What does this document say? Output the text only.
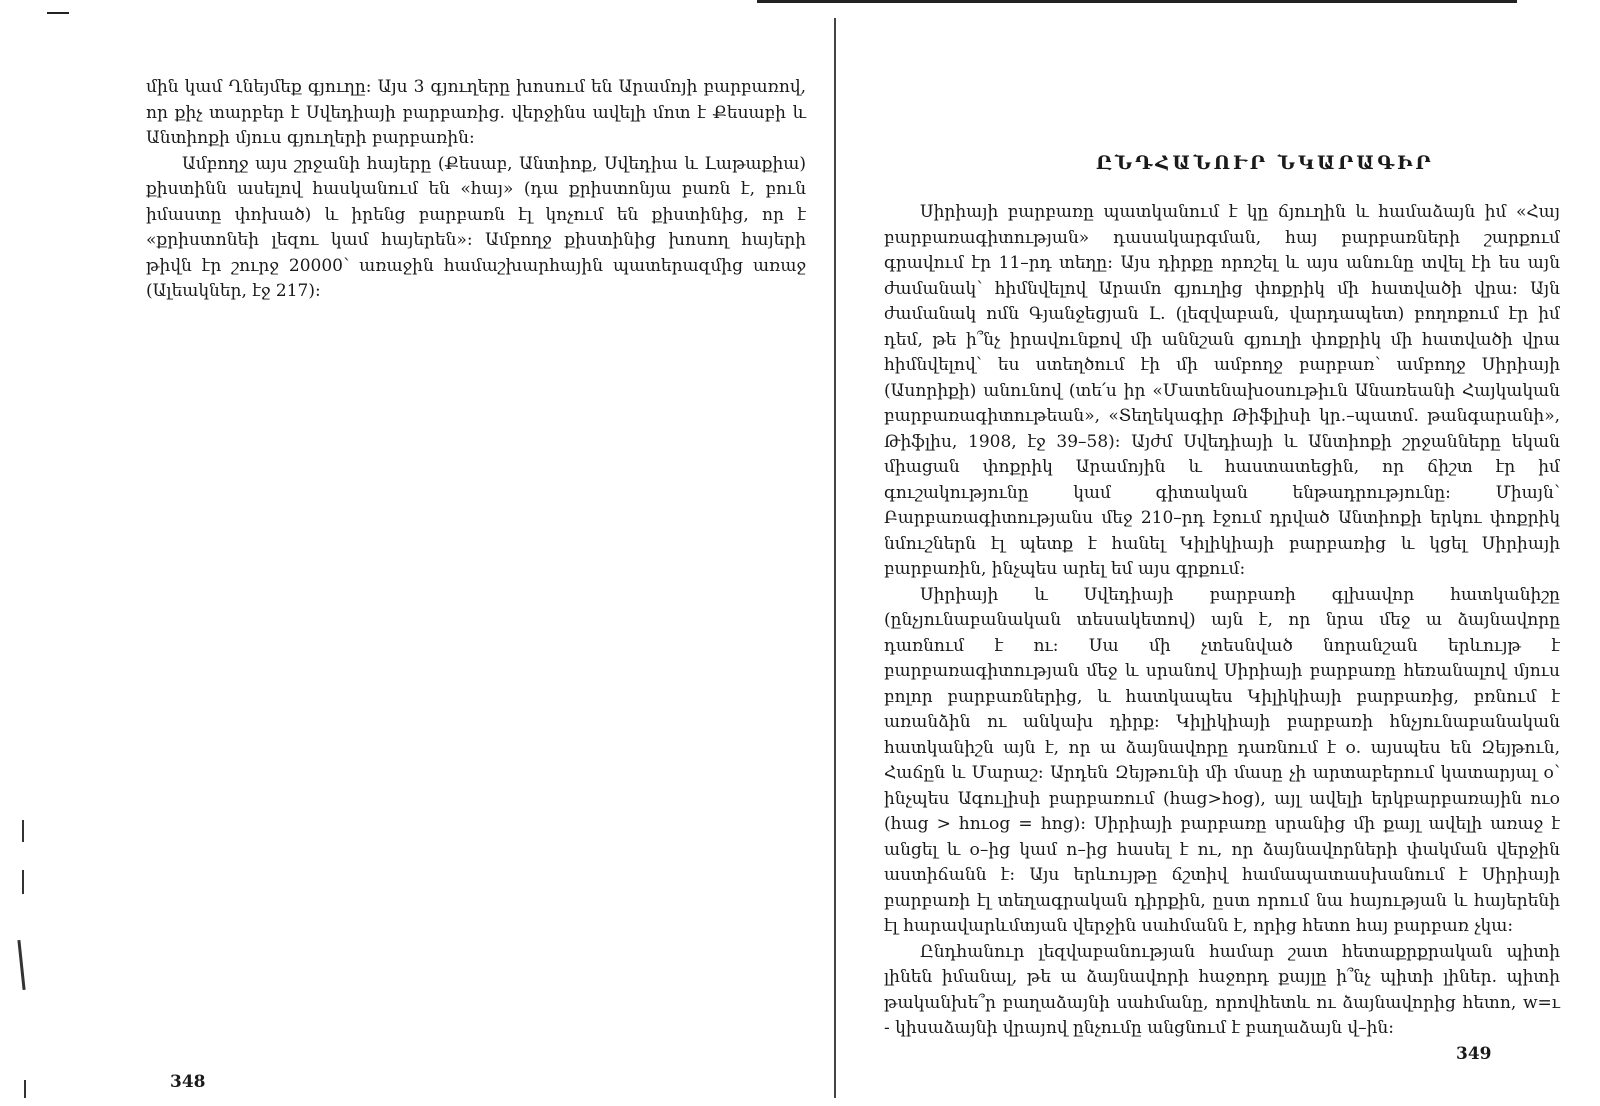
մին կամ Ղնեյմեք գյուղը: Այս 3 գյուղերը խոսում են Արամոյի բարբառով, որ քիչ տարբեր է Սվեդիայի բարբառից. վերջինս ավելի մոտ է Քեսաբի և Անտիոքի մյուս գյուղերի բարբառին:

Ամբողջ այս շրջանի հայերը (Քեսաբ, Անտիոք, Սվեդիա և Լաթաքիա) քիստինն ասելով հասկանում են «հայ» (դա քրիստոնյա բառն է, բուն իմաստը փոխած) և իրենց բարբառն էլ կոչում են քիստինից, որ է «քրիստոնեի լեզու կամ հայերեն»: Ամբողջ քիստինից խոսող հայերի թիվն էր շուրջ 20000՝ առաջին համաշխարհային պատերազմից առաջ (Ալեակներ, էջ 217):

348
ԸՆԴՀԱՆՈՒՐ ՆԿԱՐԱԳԻՐ

Սիրիայի բարբառը պատկանում է կը ճյուղին և համաձայն իմ «Հայ բարբառագիտության» դասակարգման, հայ բարբառների շարքում գրավում էր 11–րդ տեղը: Այս դիրքը որոշել և այս անունը տվել էի ես այն ժամանակ՝ հիմնվելով Արամո գյուղից փոքրիկ մի հատվածի վրա: Այն ժամանակ ոմն Գյանջեցյան Լ. (լեզվաբան, վարդապետ) բողոքում էր իմ դեմ, թե ի՞նչ իրավունքով մի աննշան գյուղի փոքրիկ մի հատվածի վրա հիմնվելով՝ ես ստեղծում էի մի ամբողջ բարբառ՝ ամբողջ Սիրիայի (Ասորիքի) անունով (տե՛ս իր «Մատենախօսութիւն Անառեանի Հայկական բարբառագիտութեան», «Տեղեկագիր Թիֆլիսի կր.–պատմ. թանգարանի», Թիֆլիս, 1908, էջ 39–58): Այժմ Սվեդիայի և Անտիոքի շրջանները եկան միացան փոքրիկ Արամոյին և հաստատեցին, որ ճիշտ էր իմ գուշակությունը կամ գիտական ենթադրությունը: Միայն՝ Բարբառագիտությանս մեջ 210–րդ էջում դրված Անտիոքի երկու փոքրիկ նմուշներն էլ պետք է հանել Կիլիկիայի բարբառից և կցել Սիրիայի բարբառին, ինչպես արել եմ այս գրքում:

Սիրիայի և Սվեդիայի բարբառի գլխավոր հատկանիշը (ընչյունաբանական տեսակետով) այն է, որ նրա մեջ ա ձայնավորը դառնում է ու: Սա մի չտեսնված նորանշան երևույթ է բարբառագիտության մեջ և սրանով Սիրիայի բարբառը հեռանալով մյուս բոլոր բարբառներից, և հատկապես Կիլիկիայի բարբառից, բռնում է առանձին ու անկախ դիրք: Կիլիկիայի բարբառի հնչյունաբանական հատկանիշն այն է, որ ա ձայնավորը դառնում է օ. այսպես են Զեյթուն, Հաճըն և Մարաշ: Արդեն Զեյթունի մի մասը չի արտաբերում կատարյալ օ՝ ինչպես Ագուլիսի բարբառում (հաց>hog), այլ ավելի երկբարբառային ուօ (հաց > հուօց = hոg): Սիրիայի բարբառը սրանից մի քայլ ավելի առաջ է անցել և օ–ից կամ ո–ից հասել է ու, որ ձայնավորների փակման վերջին աստիճանն է: Այս երևույթը ճշտիվ համապատասխանում է Սիրիայի բարբառի էլ տեղագրական դիրքին, ըստ որում նա հայության և հայերենի էլ հարավարևմտյան վերջին սահմանն է, որից հետո հայ բարբառ չկա:

Ընդհանուր լեզվաբանության համար շատ հետաքրքրական պիտի լինեն իմանալ, թե ա ձայնավորի հաջորդ քայլը ի՞նչ պիտի լիներ. պիտի թականխե՞ր բաղաձայնի սահմանը, որովհետև ու ձայնավորից հետո, w=ւ - կիսաձայնի վրայով ընչումը անցնում է բաղաձայն վ–ին:

349
